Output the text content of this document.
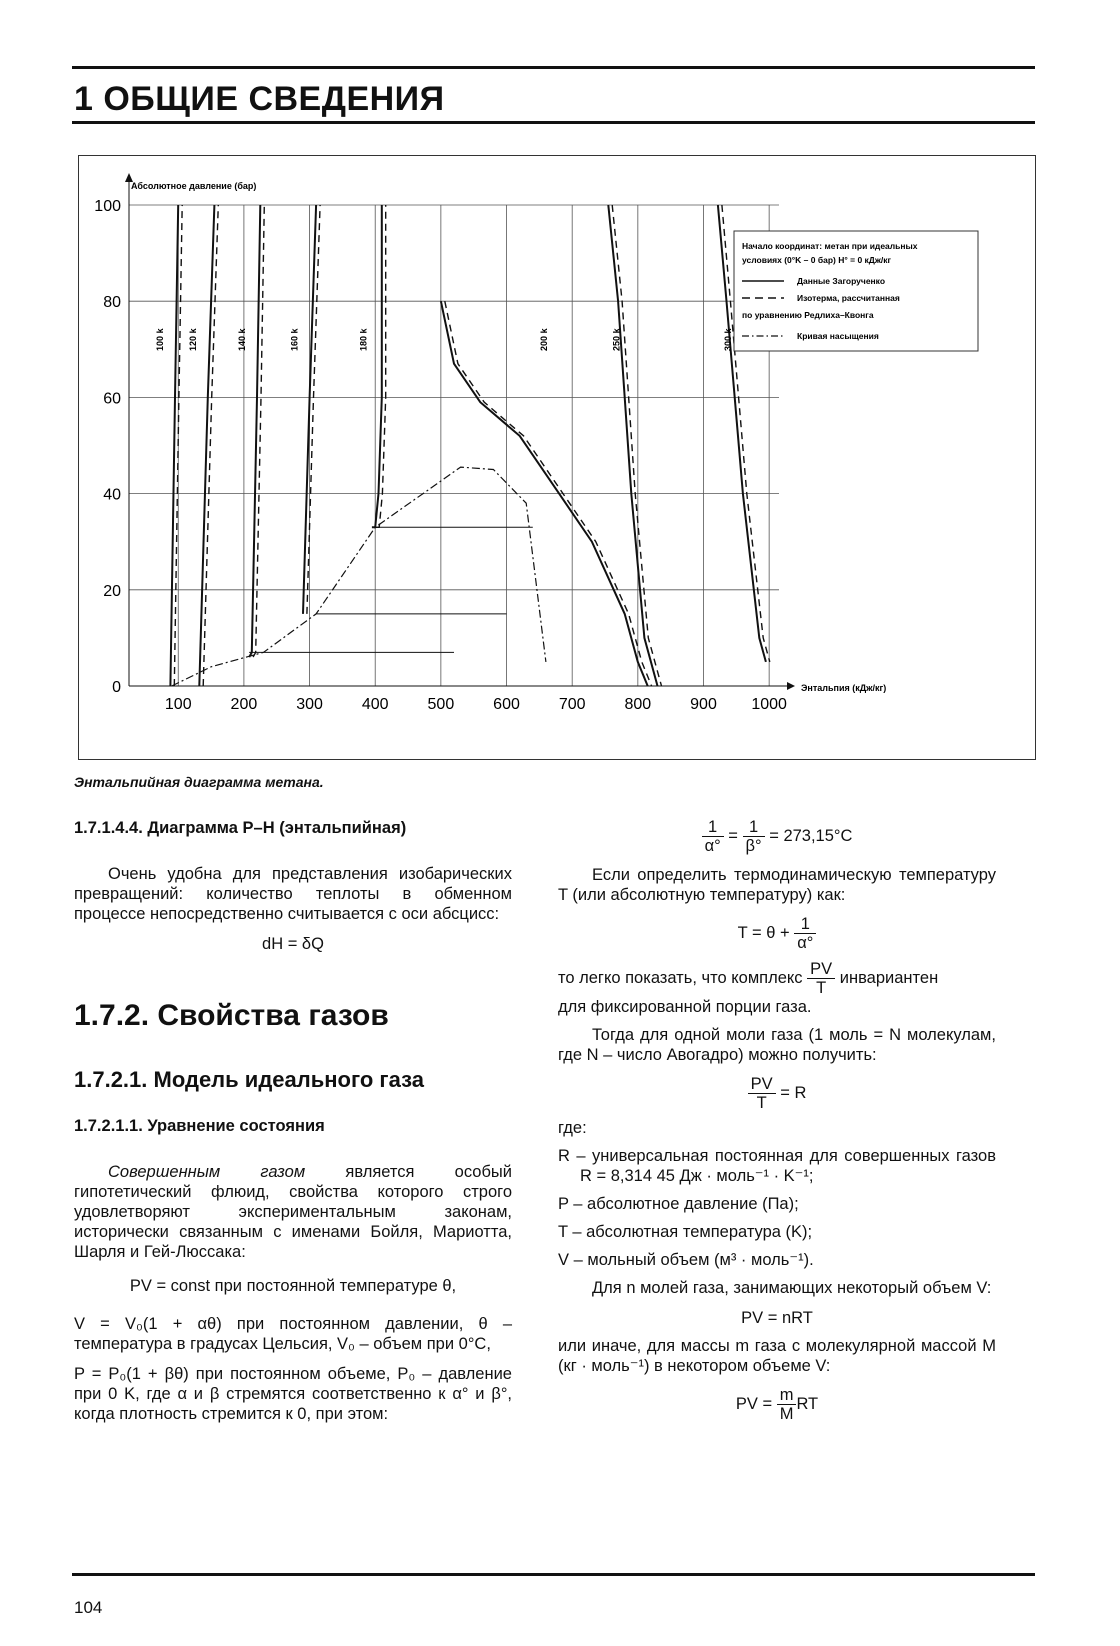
1 ОБЩИЕ СВЕДЕНИЯ
0
20
40
60
80
100
100 200 300 400 500 600 700 800 900 1000
100 k	120 k	140 k	160 k	180 k	200 k	250 k	300 k
Начало координат: метан при идеальных
условиях (0°K – 0 бар) H° = 0 кДж/кг
Данные Загорученко
Изотерма, рассчитанная
по уравнению Редлиха–Квонга
Кривая насыщения
Абсолютное давление (бар)
Энтальпия (кДж/кг)
Энтальпийная диаграмма метана.
1.7.1.4.4. Диаграмма Р–Н (энтальпийная)

Очень удобна для представления изобарических превращений: количество теплоты в обменном процессе непосредственно считывается с оси абсцисс:

dH = δQ
1.7.2. Свойства газов
1.7.2.1. Модель идеального газа
1.7.2.1.1. Уравнение состояния

Совершенным газом является особый гипотетический флюид, свойства которого строго удовлетворяют экспериментальным законам, исторически связанным с именами Бойля, Мариотта, Шарля и Гей-Люссака:

PV = const при постоянной температуре θ,

V = V₀(1 + αθ) при постоянном давлении, θ – температура в градусах Цельсия, V₀ – объем при 0°С,

P = P₀(1 + βθ) при постоянном объеме, P₀ – давление при 0 K, где α и β стремятся соответственно к α° и β°, когда плотность стремится к 0, при этом:

$\frac{1}{\alpha^\circ} = \frac{1}{\beta^\circ} = 273,15^\circ C$

Если определить термодинамическую температуру T (или абсолютную температуру) как:

$T = \theta + \frac{1}{\alpha^\circ}$

то легко показать, что комплекс $\frac{PV}{T}$ инвариантен
для фиксированной порции газа.

Тогда для одной моли газа (1 моль = N молекулам, где N – число Авогадро) можно получить:

$\frac{PV}{T} = R$

где:

R – универсальная постоянная для совершенных газов R = 8,314 45 Дж · моль⁻¹ · K⁻¹;

P – абсолютное давление (Па);

T – абсолютная температура (K);

V – мольный объем (м³ · моль⁻¹).

Для n молей газа, занимающих некоторый объем V:

PV = nRT

или иначе, для массы m газа с молекулярной массой M (кг · моль⁻¹) в некотором объеме V:

PV = $\frac{m}{M}$ RT
104
